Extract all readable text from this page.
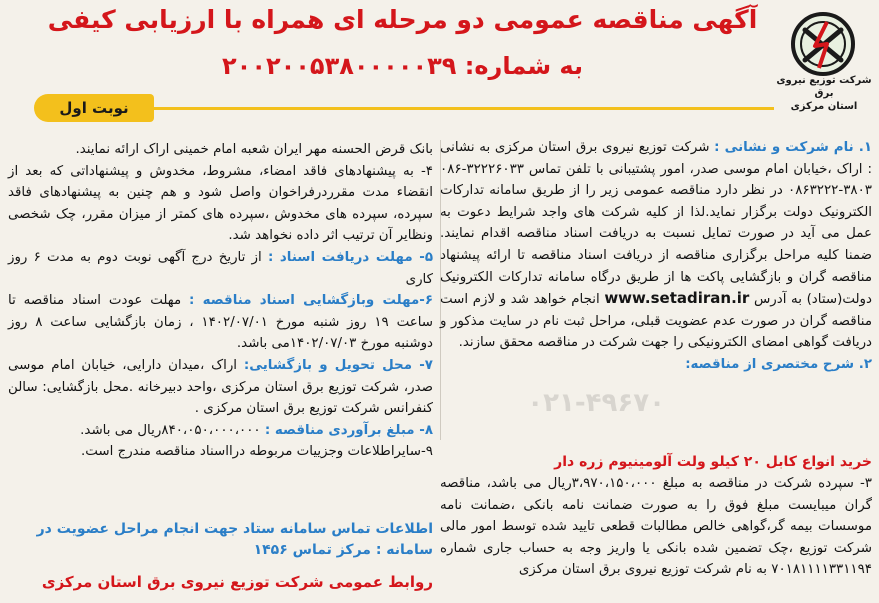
شرکت توزیع نیروی برق
استان مرکزی
آگهی مناقصه عمومی دو مرحله ای همراه با ارزیابی کیفی
به شماره: ۲۰۰۲۰۰۵۳۸۰۰۰۰۰۳۹
نوبت اول
۰۲۱-۴۹۶۷۰

۱. نام شرکت و نشانی : شرکت توزیع نیروی برق استان مرکزی به نشانی : اراک ،خیابان امام موسی صدر، امور پشتیبانی با تلفن تماس ۳۲۲۲۶۰۳۳-۰۸۶ ۳۸۰۳-۰۸۶۳۲۲۲ در نظر دارد مناقصه عمومی زیر را از طریق سامانه تدارکات الکترونیک دولت برگزار نماید.لذا از کلیه شرکت های واجد شرایط دعوت به عمل می آید در صورت تمایل نسبت به دریافت اسناد مناقصه اقدام نمایند. ضمنا کلیه مراحل برگزاری مناقصه از دریافت اسناد مناقصه تا ارائه پیشنهاد مناقصه گران و بازگشایی پاکت ها از طریق درگاه سامانه تدارکات الکترونیک دولت(ستاد) به آدرس www.setadiran.ir انجام خواهد شد و لازم است مناقصه گران در صورت عدم عضویت قبلی، مراحل ثبت نام در سایت مذکور و دریافت گواهی امضای الکترونیکی را جهت شرکت در مناقصه محقق سازند.

۲. شرح مختصری از مناقصه:

خرید انواع کابل ۲۰ کیلو ولت آلومینیوم زره دار

۳- سپرده شرکت در مناقصه به مبلغ ۳،۹۷۰،۱۵۰،۰۰۰ریال می باشد، مناقصه گران میبایست مبلغ فوق را به صورت ضمانت نامه بانکی ،ضمانت نامه موسسات بیمه گر،گواهی خالص مطالبات قطعی تایید شده توسط امور مالی شرکت توزیع ،چک تضمین شده بانکی یا واریز وجه به حساب جاری شماره ۷۰۱۸۱۱۱۱۳۳۱۱۹۴ به نام شرکت توزیع نیروی برق استان مرکزی

بانک قرض الحسنه مهر ایران شعبه امام خمینی اراک ارائه نمایند.

۴- به پیشنهادهای فاقد امضاء، مشروط، مخدوش و پیشنهاداتی که بعد از انقضاء مدت مقرردرفراخوان واصل شود و هم چنین به پیشنهادهای فاقد سپرده، سپرده های مخدوش ،سپرده های کمتر از میزان مقرر، چک شخصی ونظایر آن ترتیب اثر داده نخواهد شد.

۵- مهلت دریافت اسناد : از تاریخ درج آگهی نوبت دوم به مدت ۶ روز کاری

۶-مهلت وبازگشایی اسناد مناقصه : مهلت عودت اسناد مناقصه تا ساعت ۱۹ روز شنبه مورخ ۱۴۰۲/۰۷/۰۱ ، زمان بازگشایی ساعت ۸ روز دوشنبه مورخ ۱۴۰۲/۰۷/۰۳می باشد.

۷- محل تحویل و بازگشایی: اراک ،میدان دارایی، خیابان امام موسی صدر، شرکت توزیع برق استان مرکزی ،واحد دبیرخانه .محل بازگشایی: سالن کنفرانس شرکت توزیع برق استان مرکزی .

۸- مبلغ برآوردی مناقصه : ۸۴۰،۰۵۰،۰۰۰،۰۰۰ریال می باشد.

۹-سایراطلاعات وجزییات مربوطه درااسناد مناقصه مندرج است.

اطلاعات تماس سامانه ستاد جهت انجام مراحل عضویت در سامانه : مرکز تماس ۱۴۵۶
روابط عمومی شرکت توزیع نیروی برق استان مرکزی
